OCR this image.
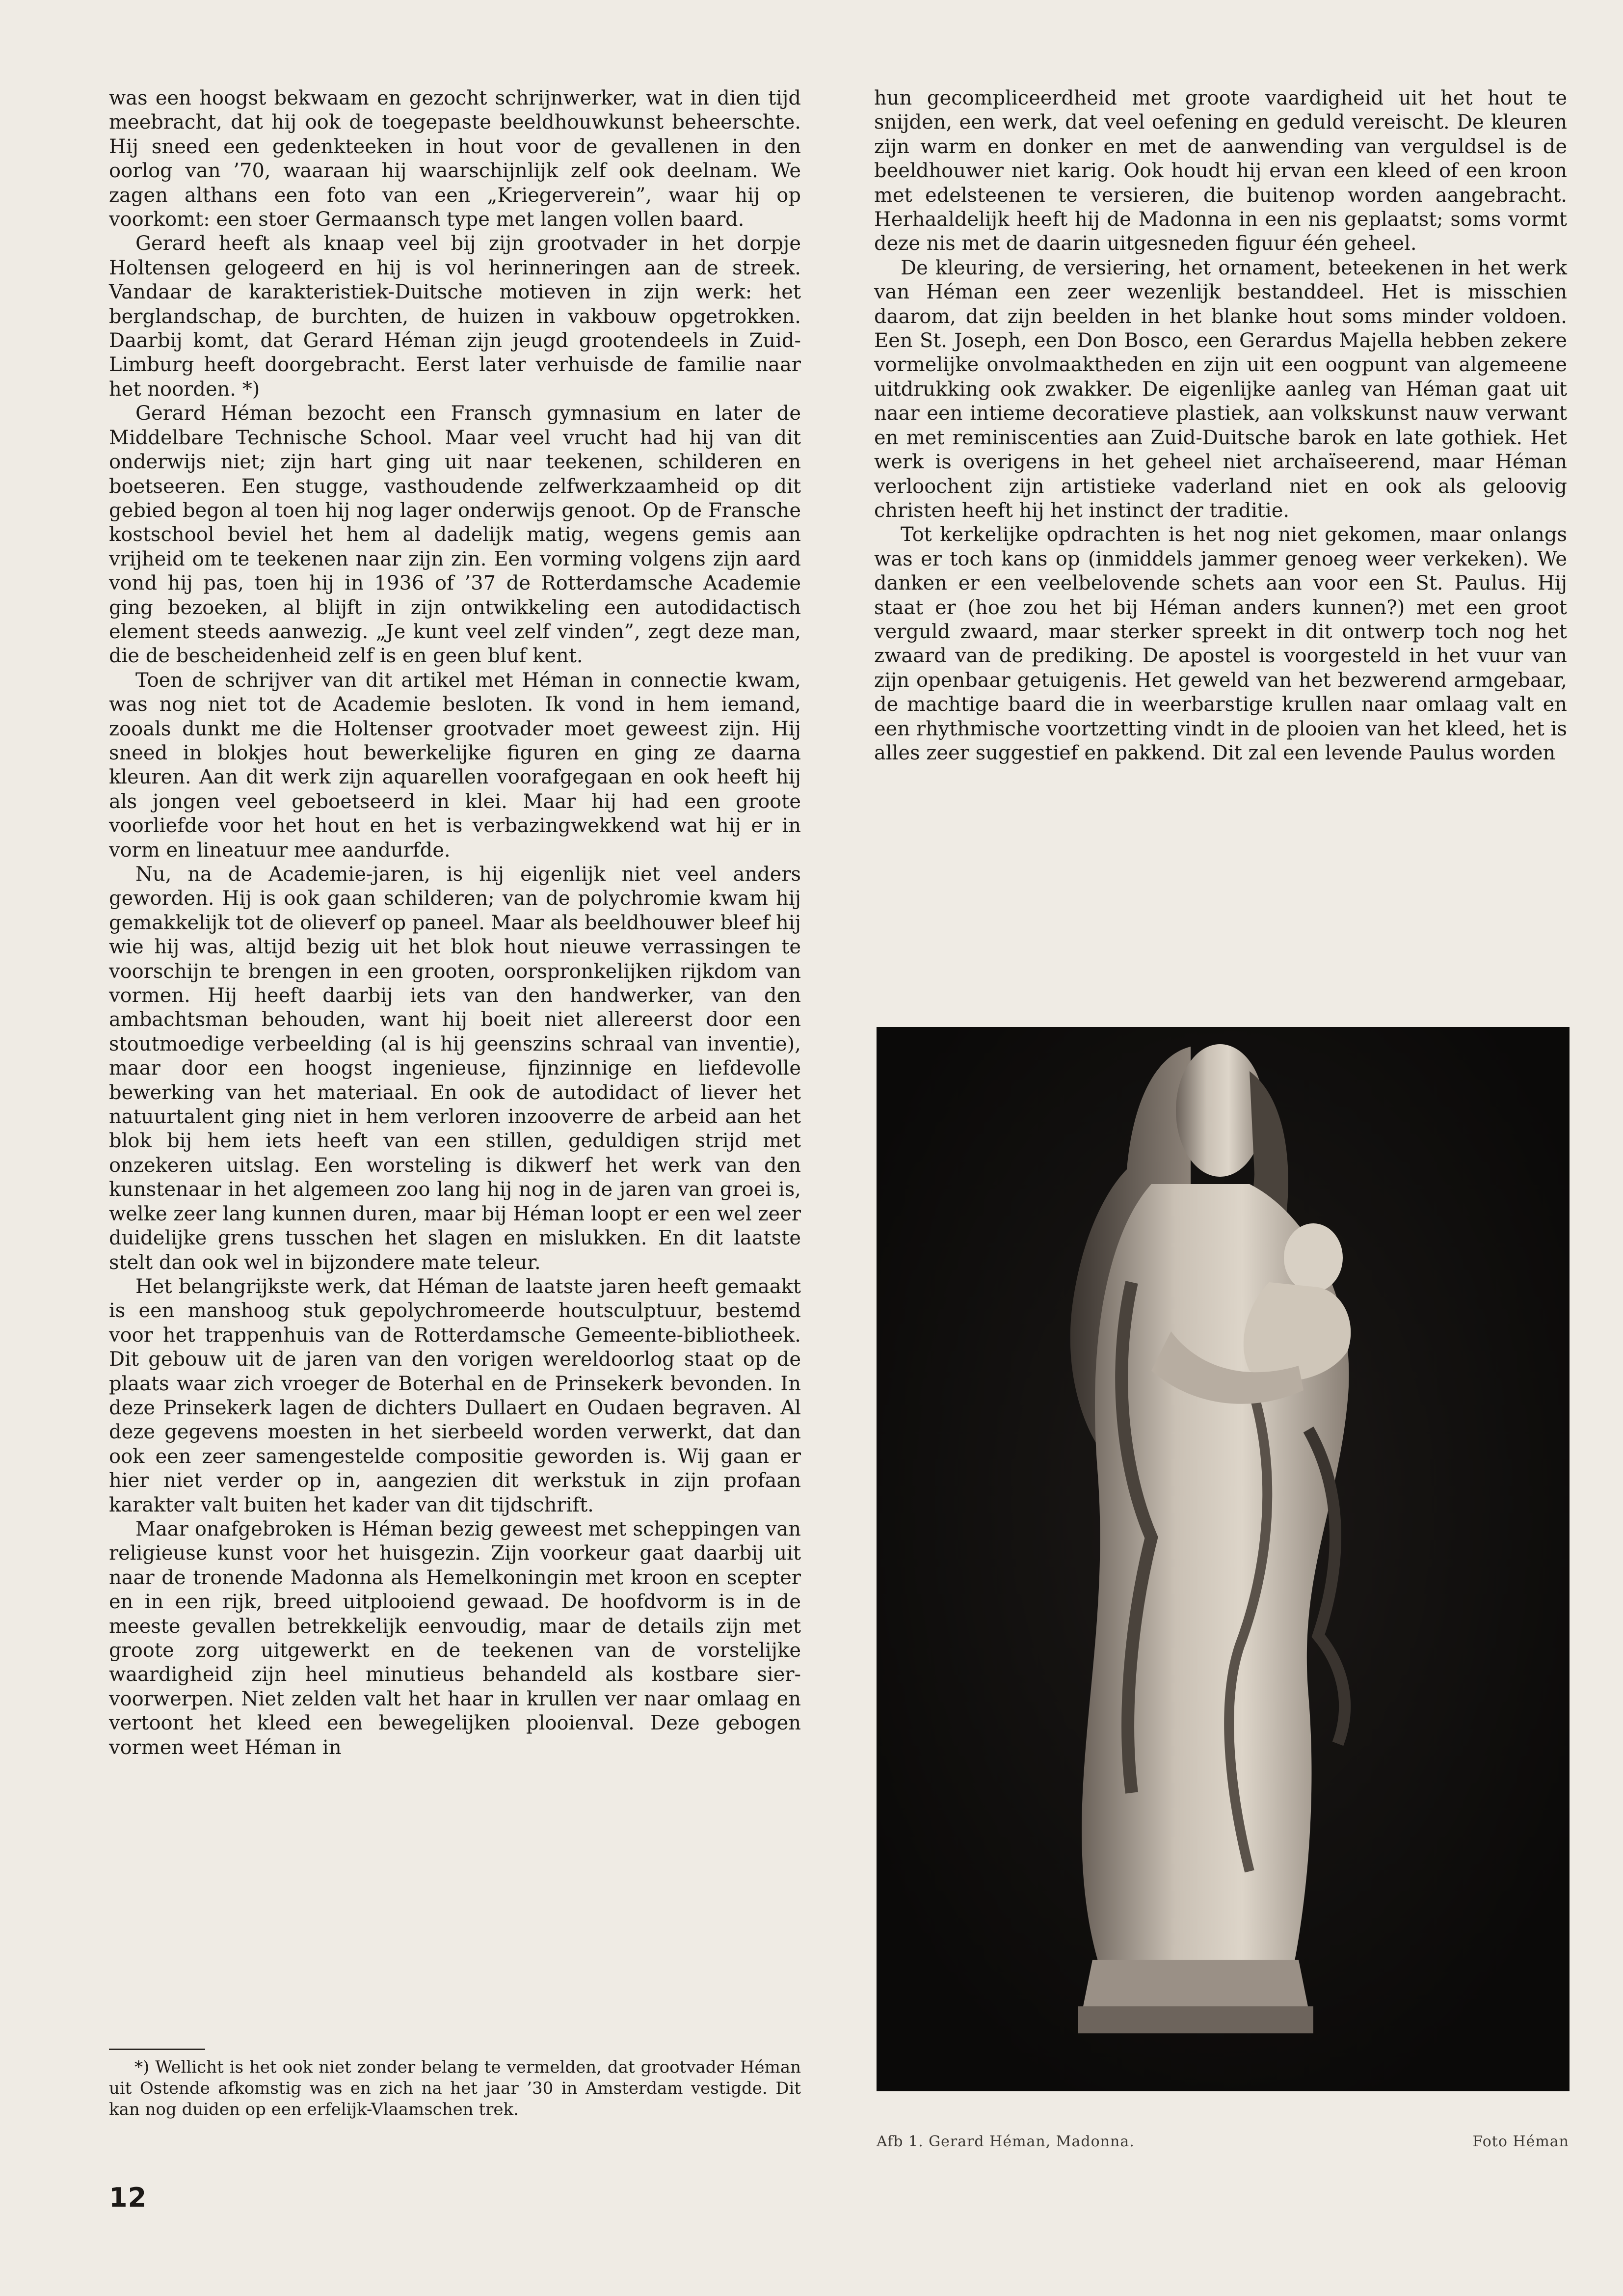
was een hoogst bekwaam en gezocht schrijnwerker, wat in dien tijd meebracht, dat hij ook de toegepaste beeldhouwkunst beheerschte. Hij sneed een gedenkteeken in hout voor de gevallenen in den oorlog van ’70, waaraan hij waarschijnlijk zelf ook deelnam. We zagen althans een foto van een „Kriegerverein”, waar hij op voorkomt: een stoer Germaansch type met langen vollen baard.

Gerard heeft als knaap veel bij zijn grootvader in het dorpje Holtensen gelogeerd en hij is vol herinneringen aan de streek. Vandaar de karakteristiek-Duitsche motieven in zijn werk: het berglandschap, de burchten, de huizen in vakbouw opgetrokken. Daarbij komt, dat Gerard Héman zijn jeugd grootendeels in Zuid-Limburg heeft doorgebracht. Eerst later verhuisde de familie naar het noorden. *)

Gerard Héman bezocht een Fransch gymnasium en later de Middelbare Technische School. Maar veel vrucht had hij van dit onderwijs niet; zijn hart ging uit naar teekenen, schilderen en boetseeren. Een stugge, vasthoudende zelfwerkzaamheid op dit gebied begon al toen hij nog lager onderwijs genoot. Op de Fransche kostschool beviel het hem al dadelijk matig, wegens gemis aan vrijheid om te teekenen naar zijn zin. Een vorming volgens zijn aard vond hij pas, toen hij in 1936 of ’37 de Rotterdamsche Academie ging bezoeken, al blijft in zijn ontwikkeling een autodidactisch element steeds aanwezig. „Je kunt veel zelf vinden”, zegt deze man, die de bescheidenheid zelf is en geen bluf kent.

Toen de schrijver van dit artikel met Héman in connectie kwam, was nog niet tot de Academie besloten. Ik vond in hem iemand, zooals dunkt me die Holtenser grootvader moet geweest zijn. Hij sneed in blokjes hout bewerkelijke figuren en ging ze daarna kleuren. Aan dit werk zijn aquarellen voorafgegaan en ook heeft hij als jongen veel geboetseerd in klei. Maar hij had een groote voorliefde voor het hout en het is verbazingwekkend wat hij er in vorm en lineatuur mee aandurfde.

Nu, na de Academie-jaren, is hij eigenlijk niet veel anders geworden. Hij is ook gaan schilderen; van de polychromie kwam hij gemakkelijk tot de olieverf op paneel. Maar als beeldhouwer bleef hij wie hij was, altijd bezig uit het blok hout nieuwe verrassingen te voorschijn te brengen in een grooten, oorspronkelijken rijkdom van vormen. Hij heeft daarbij iets van den handwerker, van den ambachtsman behouden, want hij boeit niet allereerst door een stoutmoedige verbeelding (al is hij geenszins schraal van inventie), maar door een hoogst ingenieuse, fijnzinnige en liefdevolle bewerking van het materiaal. En ook de autodidact of liever het natuurtalent ging niet in hem verloren inzooverre de arbeid aan het blok bij hem iets heeft van een stillen, geduldigen strijd met onzekeren uitslag. Een worsteling is dikwerf het werk van den kunstenaar in het algemeen zoo lang hij nog in de jaren van groei is, welke zeer lang kunnen duren, maar bij Héman loopt er een wel zeer duidelijke grens tusschen het slagen en mislukken. En dit laatste stelt dan ook wel in bijzondere mate teleur.

Het belangrijkste werk, dat Héman de laatste jaren heeft gemaakt is een manshoog stuk gepolychromeerde houtsculptuur, bestemd voor het trappenhuis van de Rotterdamsche Gemeente-bibliotheek. Dit gebouw uit de jaren van den vorigen wereldoorlog staat op de plaats waar zich vroeger de Boterhal en de Prinsekerk bevonden. In deze Prinsekerk lagen de dichters Dullaert en Oudaen begraven. Al deze gegevens moesten in het sierbeeld worden verwerkt, dat dan ook een zeer samengestelde compositie geworden is. Wij gaan er hier niet verder op in, aangezien dit werkstuk in zijn profaan karakter valt buiten het kader van dit tijdschrift.

Maar onafgebroken is Héman bezig geweest met scheppingen van religieuse kunst voor het huisgezin. Zijn voorkeur gaat daarbij uit naar de tronende Madonna als Hemelkoningin met kroon en scepter en in een rijk, breed uitplooiend gewaad. De hoofdvorm is in de meeste gevallen betrekkelijk eenvoudig, maar de details zijn met groote zorg uitgewerkt en de teekenen van de vorstelijke waardigheid zijn heel minutieus behandeld als kostbare sier-voorwerpen. Niet zelden valt het haar in krullen ver naar omlaag en vertoont het kleed een bewegelijken plooienval. Deze gebogen vormen weet Héman in

hun gecompliceerdheid met groote vaardigheid uit het hout te snijden, een werk, dat veel oefening en geduld vereischt. De kleuren zijn warm en donker en met de aanwending van verguldsel is de beeldhouwer niet karig. Ook houdt hij ervan een kleed of een kroon met edelsteenen te versieren, die buitenop worden aangebracht. Herhaaldelijk heeft hij de Madonna in een nis geplaatst; soms vormt deze nis met de daarin uitgesneden figuur één geheel.

De kleuring, de versiering, het ornament, beteekenen in het werk van Héman een zeer wezenlijk bestanddeel. Het is misschien daarom, dat zijn beelden in het blanke hout soms minder voldoen. Een St. Joseph, een Don Bosco, een Gerardus Majella hebben zekere vormelijke onvolmaaktheden en zijn uit een oogpunt van algemeene uitdrukking ook zwakker. De eigenlijke aanleg van Héman gaat uit naar een intieme decoratieve plastiek, aan volkskunst nauw verwant en met reminiscenties aan Zuid-Duitsche barok en late gothiek. Het werk is overigens in het geheel niet archaïseerend, maar Héman verloochent zijn artistieke vaderland niet en ook als geloovig christen heeft hij het instinct der traditie.

Tot kerkelijke opdrachten is het nog niet gekomen, maar onlangs was er toch kans op (inmiddels jammer genoeg weer verkeken). We danken er een veelbelovende schets aan voor een St. Paulus. Hij staat er (hoe zou het bij Héman anders kunnen?) met een groot verguld zwaard, maar sterker spreekt in dit ontwerp toch nog het zwaard van de prediking. De apostel is voorgesteld in het vuur van zijn openbaar getuigenis. Het geweld van het bezwerend armgebaar, de machtige baard die in weerbarstige krullen naar omlaag valt en een rhythmische voortzetting vindt in de plooien van het kleed, het is alles zeer suggestief en pakkend. Dit zal een levende Paulus worden

*) Wellicht is het ook niet zonder belang te vermelden, dat grootvader Héman uit Ostende afkomstig was en zich na het jaar ’30 in Amsterdam vestigde. Dit kan nog duiden op een erfelijk-Vlaamschen trek.

12
Afb 1. Gerard Héman, Madonna.	Foto Héman
